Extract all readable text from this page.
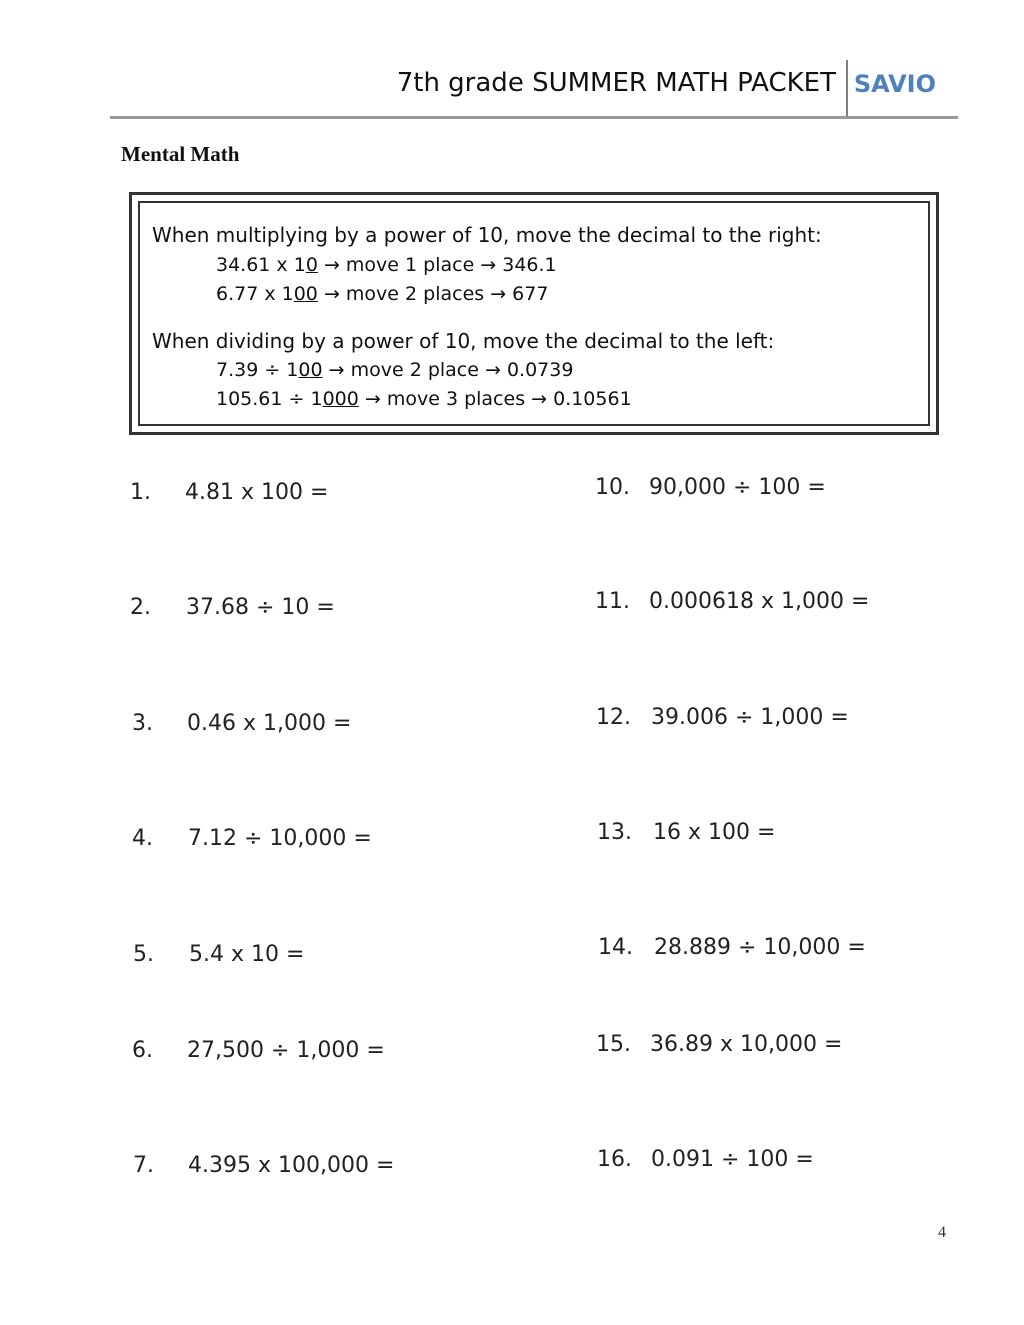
7th grade SUMMER MATH PACKET SAVIO
Mental Math
When multiplying by a power of 10, move the decimal to the right:
34.61 x 10 → move 1 place → 346.1
6.77 x 100 → move 2 places → 677
When dividing by a power of 10, move the decimal to the left:
7.39 ÷ 100 → move 2 place → 0.0739
105.61 ÷ 1000 → move 3 places → 0.10561
1. 4.81 x 100 =
2. 37.68 ÷ 10 =
3. 0.46 x 1,000 =
4. 7.12 ÷ 10,000 =
5. 5.4 x 10 =
6. 27,500 ÷ 1,000 =
7. 4.395 x 100,000 =
10. 90,000 ÷ 100 =
11. 0.000618 x 1,000 =
12. 39.006 ÷ 1,000 =
13. 16 x 100 =
14. 28.889 ÷ 10,000 =
15. 36.89 x 10,000 =
16. 0.091 ÷ 100 =
4
